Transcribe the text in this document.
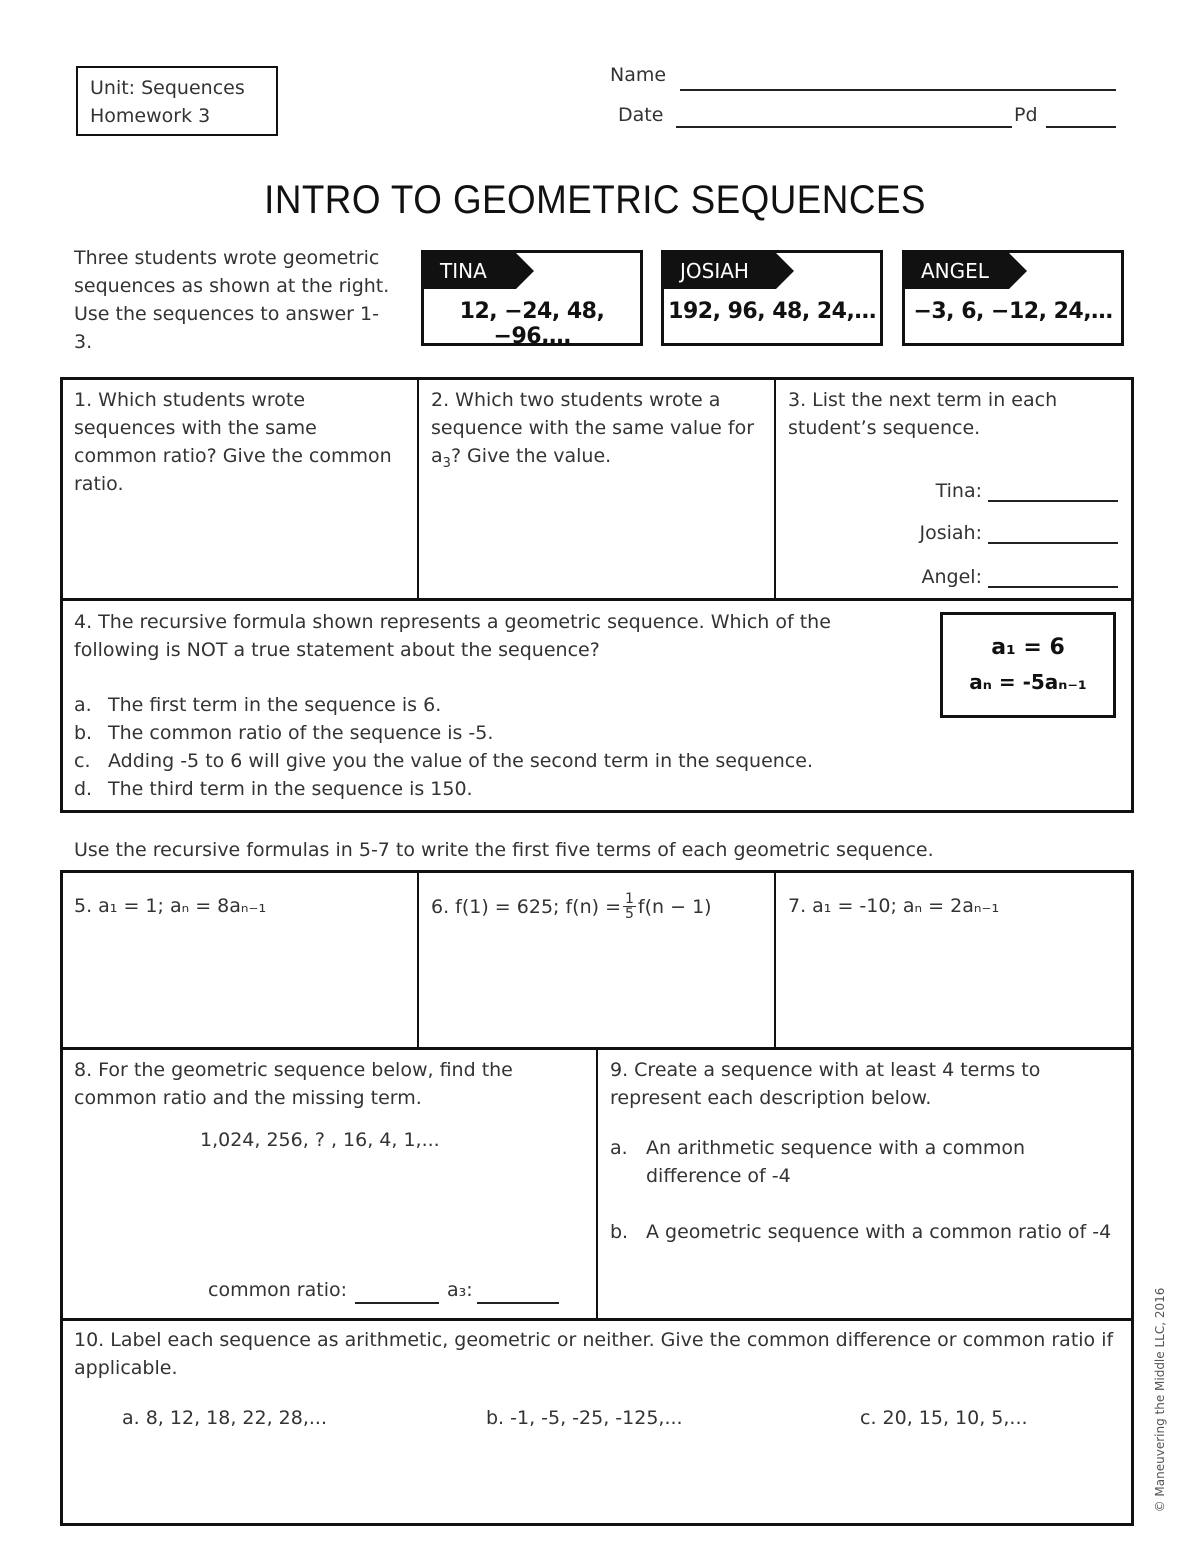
Unit: Sequences
Homework 3
Name
Date	Pd
INTRO TO GEOMETRIC SEQUENCES
Three students wrote geometric sequences as shown at the right. Use the sequences to answer 1-3.
TINA
12, −24, 48, −96,…
JOSIAH
192, 96, 48, 24,…
ANGEL
−3, 6, −12, 24,…
1. Which students wrote sequences with the same common ratio? Give the common ratio.
2. Which two students wrote a sequence with the same value for $a_3$? Give the value.
3. List the next term in each student’s sequence.
Tina:
Josiah:
Angel:
4. The recursive formula shown represents a geometric sequence. Which of the following is NOT a true statement about the sequence?	a₁ = 6
aₙ = -5aₙ₋₁
a. The first term in the sequence is 6.
b. The common ratio of the sequence is -5.
c. Adding -5 to 6 will give you the value of the second term in the sequence.
d. The third term in the sequence is 150.
Use the recursive formulas in 5-7 to write the first five terms of each geometric sequence.
5. a₁ = 1; aₙ = 8aₙ₋₁	6. f(1) = 625; $f(n) = \frac{1}{5} f(n - 1)$	7. a₁ = -10; aₙ = 2aₙ₋₁
8. For the geometric sequence below, find the common ratio and the missing term.
1,024, 256, ? , 16, 4, 1,...
common ratio:	a₃:
9. Create a sequence with at least 4 terms to represent each description below.
a. An arithmetic sequence with a common difference of -4
b. A geometric sequence with a common ratio of -4
10. Label each sequence as arithmetic, geometric or neither. Give the common difference or common ratio if applicable.
a. 8, 12, 18, 22, 28,...	b. -1, -5, -25, -125,...	c. 20, 15, 10, 5,...	© Maneuvering the Middle LLC, 2016
